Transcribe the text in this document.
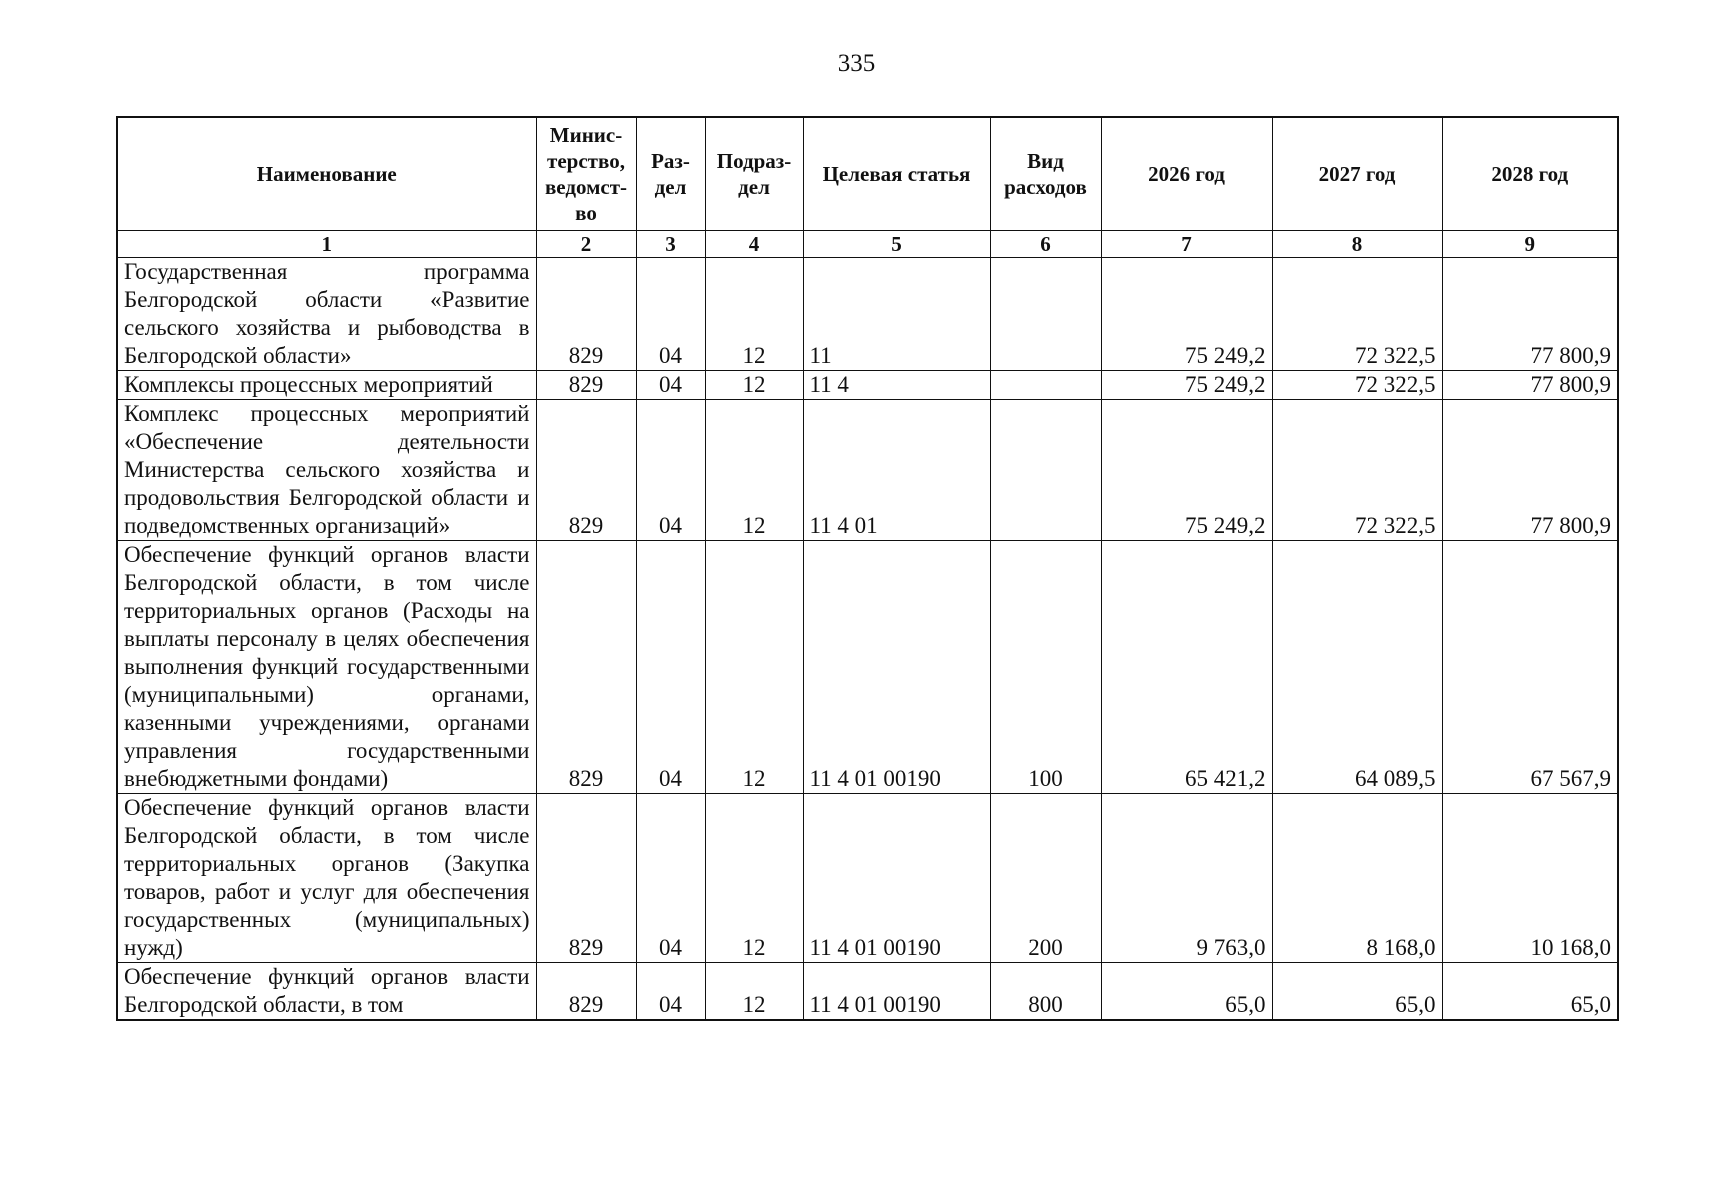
335
Наименование	Минис-терство, ведомст-во	Раз-дел	Подраз-дел	Целевая статья	Вид расходов	2026 год	2027 год	2028 год
1	2	3	4	5	6	7	8	9
Государственная программа Белгородской области «Развитие сельского хозяйства и рыбоводства в Белгородской области»	829	04	12	11		75 249,2	72 322,5	77 800,9
Комплексы процессных мероприятий	829	04	12	11 4		75 249,2	72 322,5	77 800,9
Комплекс процессных мероприятий «Обеспечение деятельности Министерства сельского хозяйства и продовольствия Белгородской области и подведомственных организаций»	829	04	12	11 4 01		75 249,2	72 322,5	77 800,9
Обеспечение функций органов власти Белгородской области, в том числе территориальных органов (Расходы на выплаты персоналу в целях обеспечения выполнения функций государственными (муниципальными) органами, казенными учреждениями, органами управления государственными внебюджетными фондами)	829	04	12	11 4 01 00190	100	65 421,2	64 089,5	67 567,9
Обеспечение функций органов власти Белгородской области, в том числе территориальных органов (Закупка товаров, работ и услуг для обеспечения государственных (муниципальных) нужд)	829	04	12	11 4 01 00190	200	9 763,0	8 168,0	10 168,0
Обеспечение функций органов власти Белгородской области, в том	829	04	12	11 4 01 00190	800	65,0	65,0	65,0
